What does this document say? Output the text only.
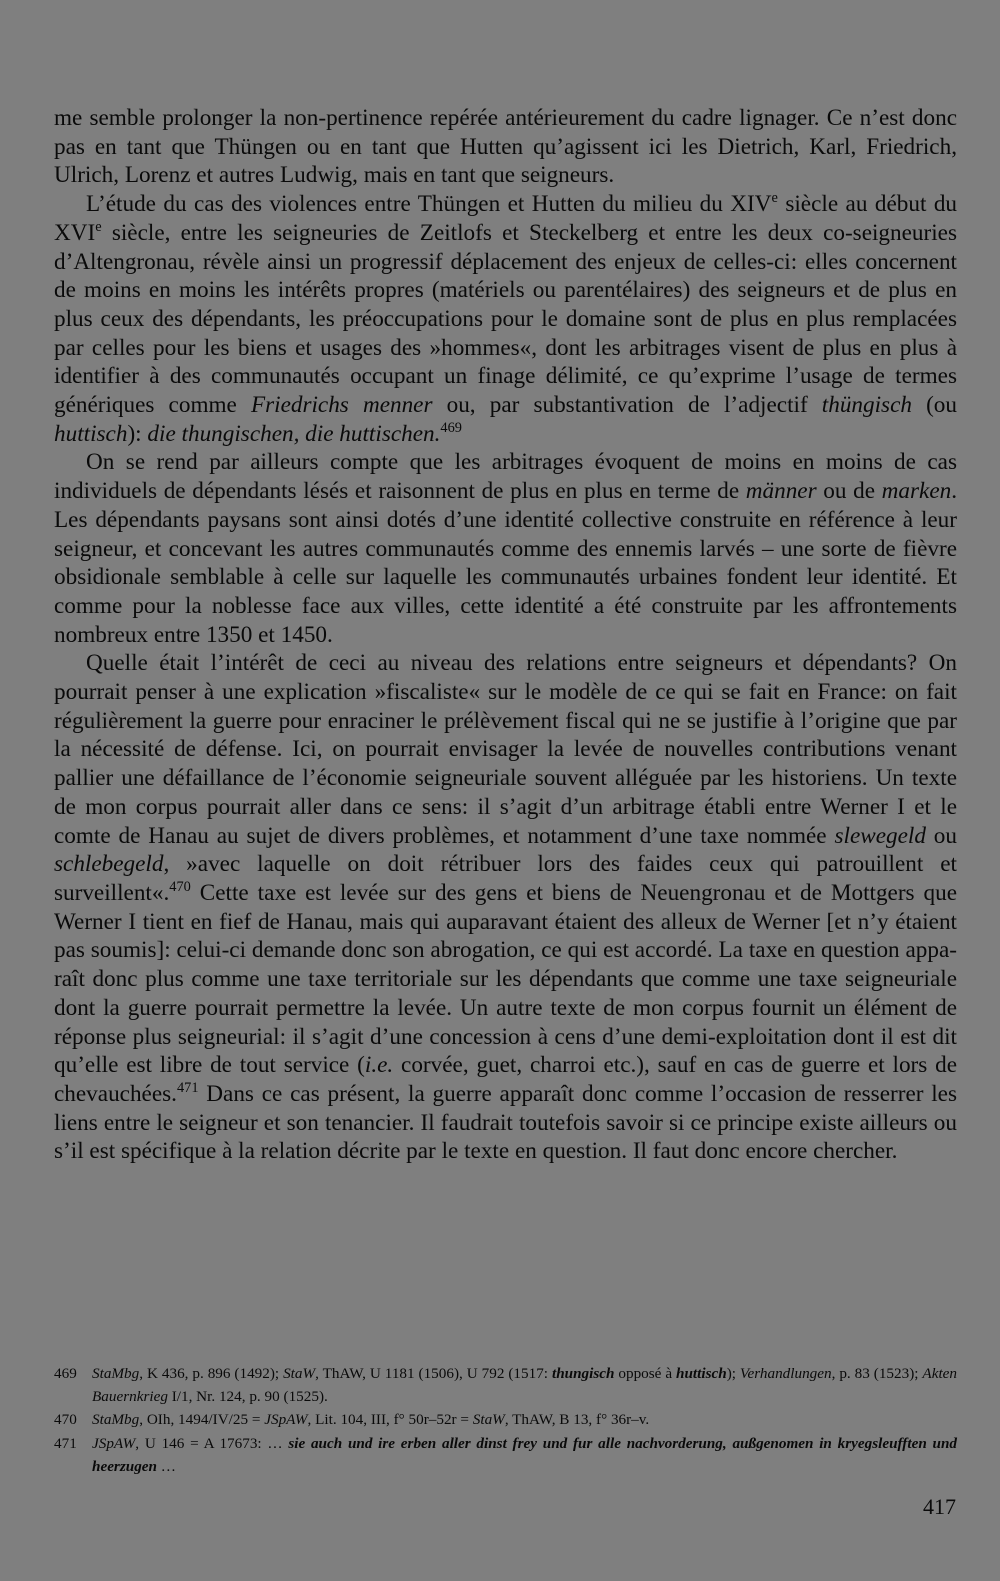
me semble prolonger la non-pertinence repérée antérieurement du cadre lignager. Ce n’est donc pas en tant que Thüngen ou en tant que Hutten qu’agissent ici les Dietrich, Karl, Friedrich, Ulrich, Lorenz et autres Ludwig, mais en tant que seigneurs.

L’étude du cas des violences entre Thüngen et Hutten du milieu du XIVe siècle au début du XVIe siècle, entre les seigneuries de Zeitlofs et Steckelberg et entre les deux co-seigneuries d’Altengronau, révèle ainsi un progressif déplacement des enjeux de celles-ci: elles concernent de moins en moins les intérêts propres (matériels ou parentélaires) des seigneurs et de plus en plus ceux des dépendants, les préoccupations pour le domaine sont de plus en plus remplacées par celles pour les biens et usages des »hommes«, dont les arbitrages visent de plus en plus à identifier à des communautés occupant un finage délimité, ce qu’exprime l’usage de termes génériques comme Friedrichs menner ou, par substantivation de l’adjectif thüngisch (ou huttisch): die thungischen, die huttischen.$^{469}$

On se rend par ailleurs compte que les arbitrages évoquent de moins en moins de cas individuels de dépendants lésés et raisonnent de plus en plus en terme de männer ou de marken. Les dépendants paysans sont ainsi dotés d’une identité collective construite en référence à leur seigneur, et concevant les autres communautés comme des ennemis larvés – une sorte de fièvre obsidionale semblable à celle sur laquelle les communautés urbaines fondent leur identité. Et comme pour la noblesse face aux villes, cette identité a été construite par les affrontements nombreux entre 1350 et 1450.

Quelle était l’intérêt de ceci au niveau des relations entre seigneurs et dépendants? On pourrait penser à une explication »fiscaliste« sur le modèle de ce qui se fait en France: on fait régulièrement la guerre pour enraciner le prélèvement fiscal qui ne se justifie à l’origine que par la nécessité de défense. Ici, on pourrait envisager la levée de nouvelles contributions venant pallier une défaillance de l’économie seigneuriale souvent alléguée par les historiens. Un texte de mon corpus pourrait aller dans ce sens: il s’agit d’un arbitrage établi entre Werner I et le comte de Hanau au sujet de divers problèmes, et notamment d’une taxe nommée slewegeld ou schlebegeld, »avec laquelle on doit rétribuer lors des faides ceux qui patrouillent et surveillent«.$^{470}$ Cette taxe est levée sur des gens et biens de Neuengronau et de Mottgers que Werner I tient en fief de Hanau, mais qui auparavant étaient des alleux de Werner [et n’y étaient pas soumis]: celui-ci demande donc son abrogation, ce qui est accordé. La taxe en question apparaît donc plus comme une taxe territoriale sur les dépendants que comme une taxe seigneuriale dont la guerre pourrait permettre la levée. Un autre texte de mon corpus fournit un élément de réponse plus seigneurial: il s’agit d’une concession à cens d’une demi-exploitation dont il est dit qu’elle est libre de tout service (i.e. corvée, guet, charroi etc.), sauf en cas de guerre et lors de chevauchées.$^{471}$ Dans ce cas présent, la guerre apparaît donc comme l’occasion de resserrer les liens entre le seigneur et son tenancier. Il faudrait toutefois savoir si ce principe existe ailleurs ou s’il est spécifique à la relation décrite par le texte en question. Il faut donc encore chercher.

469 StaMbg, K 436, p. 896 (1492); StaW, ThAW, U 1181 (1506), U 792 (1517: thungisch opposé à huttisch); Verhandlungen, p. 83 (1523); Akten Bauernkrieg I/1, Nr. 124, p. 90 (1525).

470 StaMbg, OIh, 1494/IV/25 = JSpAW, Lit. 104, III, f° 50r–52r = StaW, ThAW, B 13, f° 36r–v.

471 JSpAW, U 146 = A 17673: … sie auch und ire erben aller dinst frey und fur alle nachvorderung, außgenomen in kryegsleufften und heerzugen …

417
